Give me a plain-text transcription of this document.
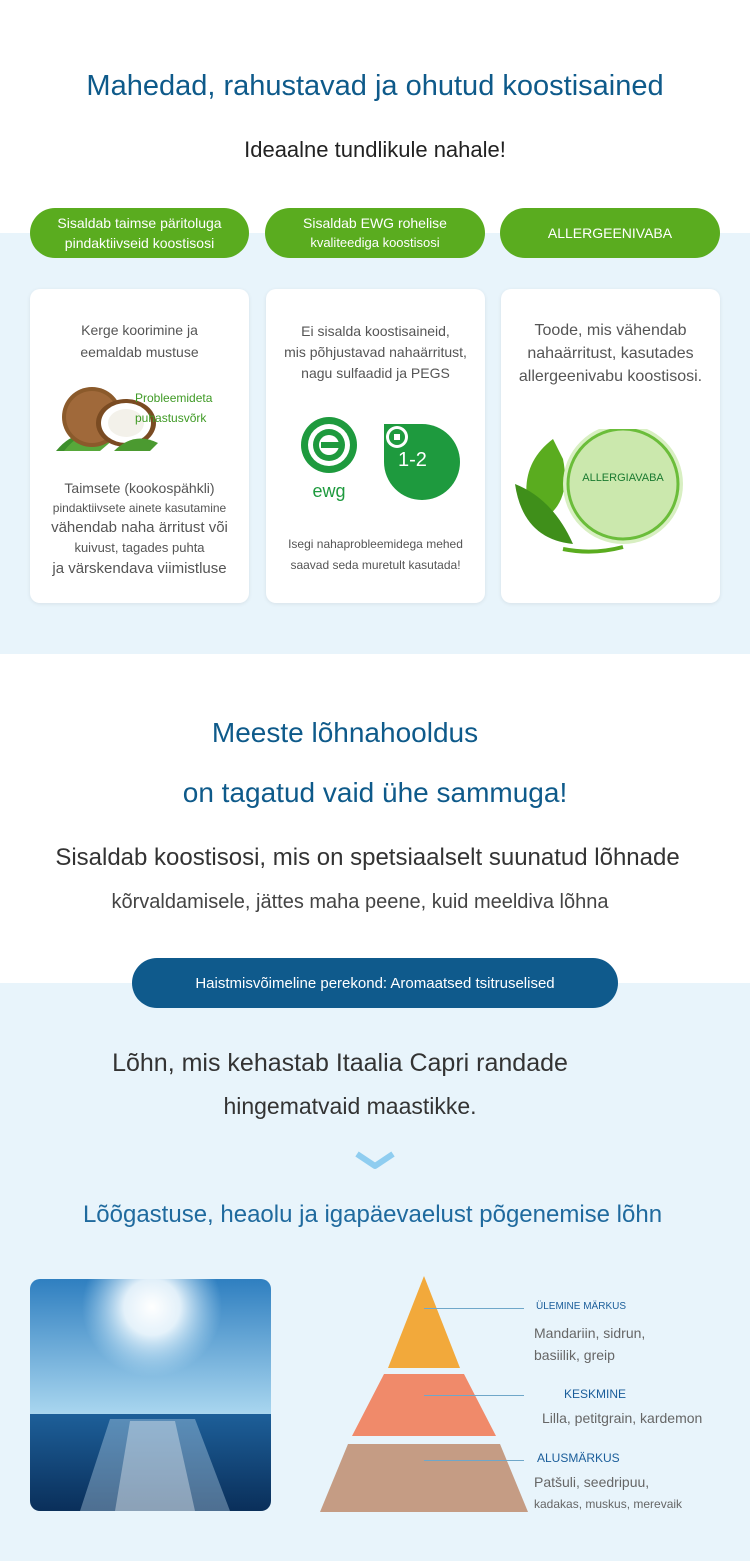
Mahedad, rahustavad ja ohutud koostisained
Ideaalne tundlikule nahale!
Sisaldab taimse päritoluga
pindaktiivseid koostisosi
Sisaldab EWG rohelise
kvaliteediga koostisosi
ALLERGEENIVABA
Kerge koorimine ja
eemaldab mustuse
Probleemideta
puhastusvõrk
Taimsete (kookospähkli)
pindaktiivsete ainete kasutamine
vähendab naha ärritust või
kuivust, tagades puhta
ja värskendava viimistluse
Ei sisalda koostisaineid,
mis põhjustavad nahaärritust,
nagu sulfaadid ja PEGS
ewg
1-2
Isegi nahaprobleemidega mehed
saavad seda muretult kasutada!
Toode, mis vähendab
nahaärritust, kasutades
allergeenivabu koostisosi.
ALLERGIAVABA
Meeste lõhnahooldus
on tagatud vaid ühe sammuga!
Sisaldab koostisosi, mis on spetsiaalselt suunatud lõhnade
kõrvaldamisele, jättes maha peene, kuid meeldiva lõhna
Haistmisvõimeline perekond: Aromaatsed tsitruselised
Lõhn, mis kehastab Itaalia Capri randade
hingematvaid maastikke.
Lõõgastuse, heaolu ja igapäevaelust põgenemise lõhn
ÜLEMINE MÄRKUS
Mandariin, sidrun,
basiilik, greip
KESKMINE
Lilla, petitgrain, kardemon
ALUSMÄRKUS
Patšuli, seedripuu,
kadakas, muskus, merevaik
